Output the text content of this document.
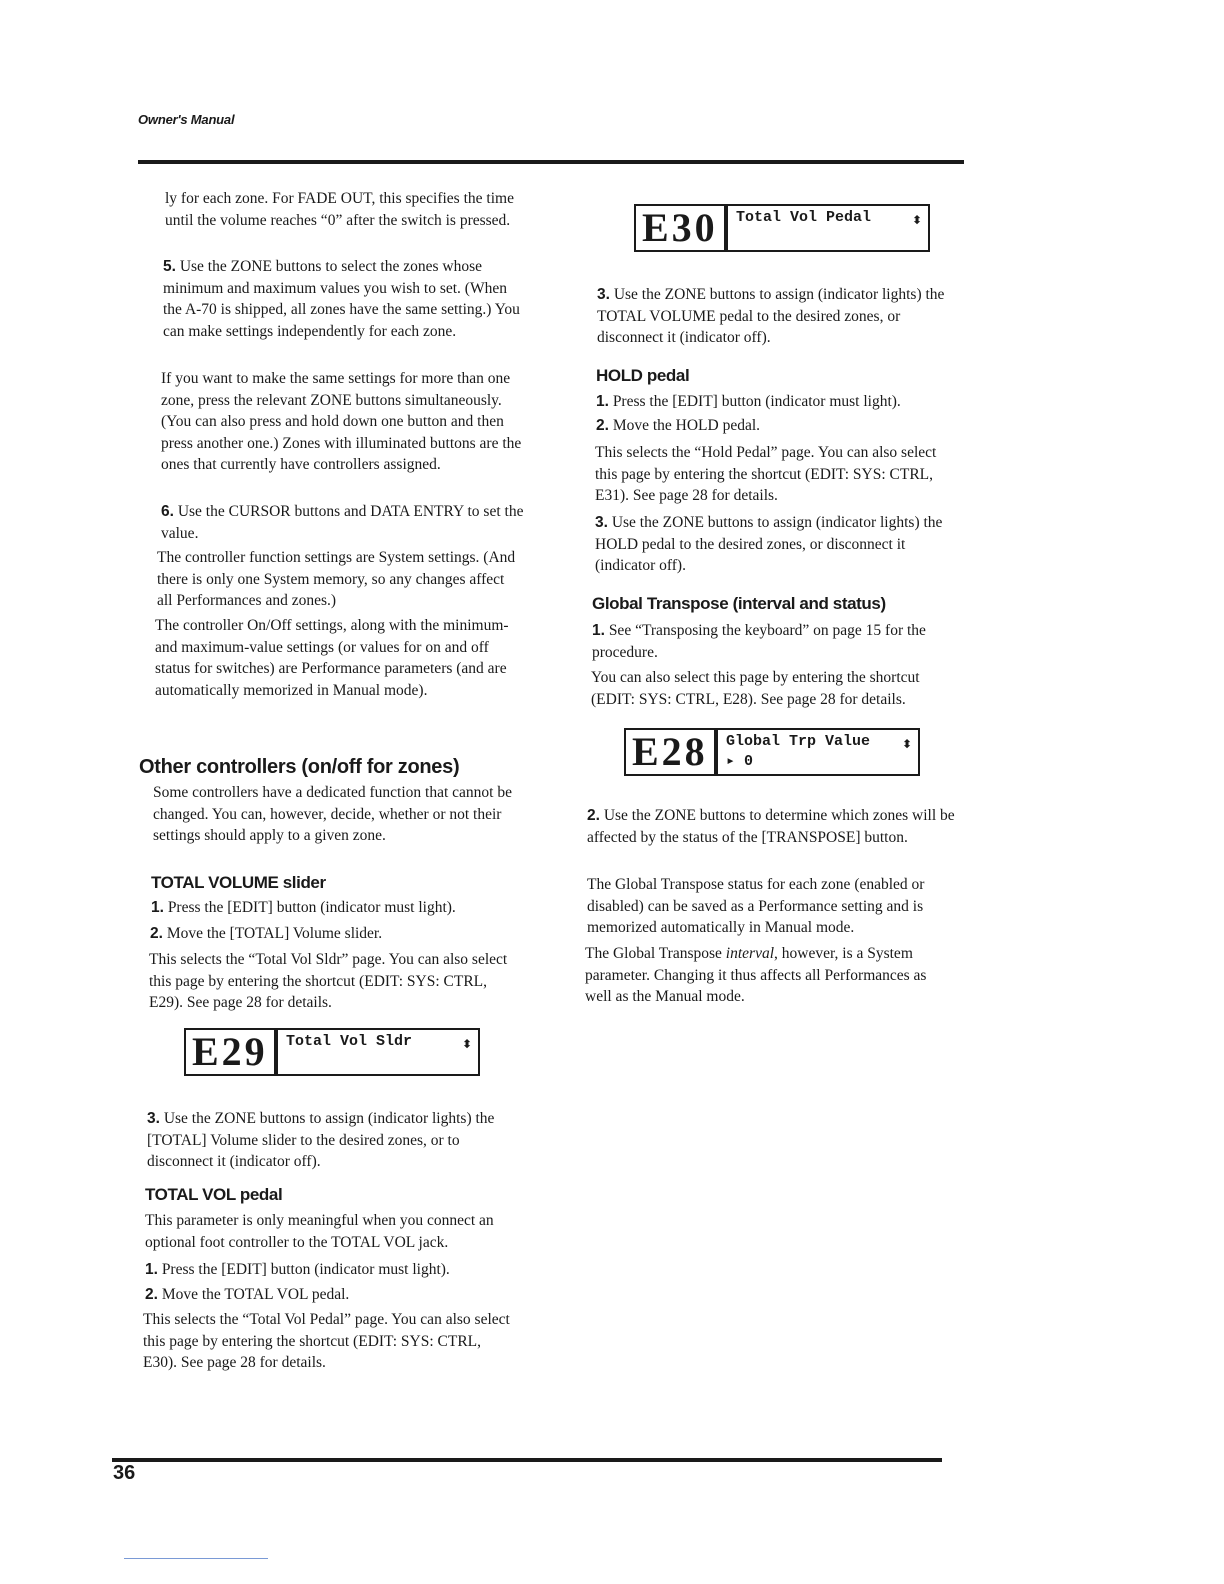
Owner's Manual

ly for each zone. For FADE OUT, this specifies the time until the volume reaches “0” after the switch is pressed.

5. Use the ZONE buttons to select the zones whose minimum and maximum values you wish to set. (When the A-70 is shipped, all zones have the same setting.) You can make settings independently for each zone.

If you want to make the same settings for more than one zone, press the relevant ZONE buttons simultaneously. (You can also press and hold down one button and then press another one.) Zones with illuminated buttons are the ones that currently have controllers assigned.

6. Use the CURSOR buttons and DATA ENTRY to set the value.

The controller function settings are System settings. (And there is only one System memory, so any changes affect all Performances and zones.)

The controller On/Off settings, along with the minimum- and maximum-value settings (or values for on and off status for switches) are Performance parameters (and are automatically memorized in Manual mode).

Other controllers (on/off for zones)

Some controllers have a dedicated function that cannot be changed. You can, however, decide, whether or not their settings should apply to a given zone.

TOTAL VOLUME slider

1. Press the [EDIT] button (indicator must light).

2. Move the [TOTAL] Volume slider.

This selects the “Total Vol Sldr” page. You can also select this page by entering the shortcut (EDIT: SYS: CTRL, E29). See page 28 for details.

E29	Total Vol Sldr	⬍

3. Use the ZONE buttons to assign (indicator lights) the [TOTAL] Volume slider to the desired zones, or to disconnect it (indicator off).

TOTAL VOL pedal

This parameter is only meaningful when you connect an optional foot controller to the TOTAL VOL jack.

1. Press the [EDIT] button (indicator must light).

2. Move the TOTAL VOL pedal.

This selects the “Total Vol Pedal” page. You can also select this page by entering the shortcut (EDIT: SYS: CTRL, E30). See page 28 for details.

E30	Total Vol Pedal	⬍

3. Use the ZONE buttons to assign (indicator lights) the TOTAL VOLUME pedal to the desired zones, or disconnect it (indicator off).

HOLD pedal

1. Press the [EDIT] button (indicator must light).

2. Move the HOLD pedal.

This selects the “Hold Pedal” page. You can also select this page by entering the shortcut (EDIT: SYS: CTRL, E31). See page 28 for details.

3. Use the ZONE buttons to assign (indicator lights) the HOLD pedal to the desired zones, or disconnect it (indicator off).

Global Transpose (interval and status)

1. See “Transposing the keyboard” on page 15 for the procedure.

You can also select this page by entering the shortcut (EDIT: SYS: CTRL, E28). See page 28 for details.

E28	Global Trp Value
▸ 0
⬍

2. Use the ZONE buttons to determine which zones will be affected by the status of the [TRANSPOSE] button.

The Global Transpose status for each zone (enabled or disabled) can be saved as a Performance setting and is memorized automatically in Manual mode.

The Global Transpose interval, however, is a System parameter. Changing it thus affects all Performances as well as the Manual mode.

36
